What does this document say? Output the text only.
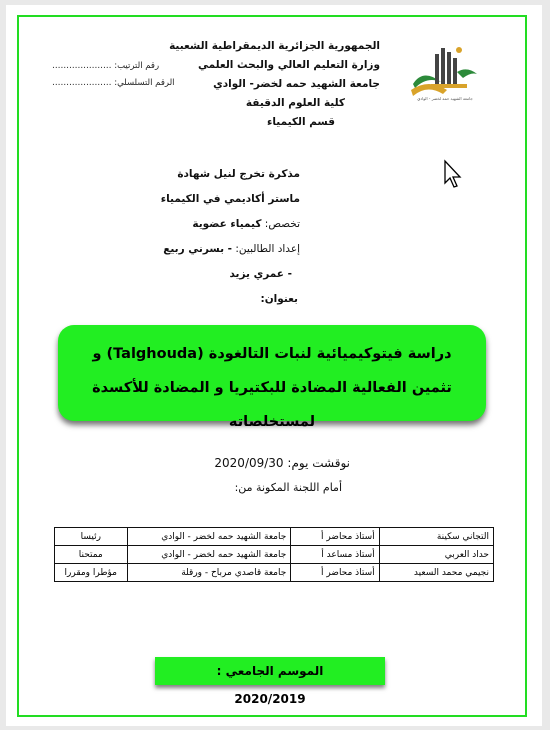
الجمهورية الجزائرية الديمقراطية الشعبية
وزارة التعليم العالي والبحث العلمي
جامعة الشهيد حمه لخضر- الوادي
كلية العلوم الدقيقة
قسم الكيمياء
رقم الترتيب: …………………
الرقم التسلسلي: …………………
جامعة الشهيد حمه لخضر - الوادي
مذكرة تخرج لنيل شهادة
ماستر أكاديمي في الكيمياء
تخصص: كيمياء عضوية
إعداد الطالبين: - بسرني ربيع
- عمري يزيد
بعنوان:
دراسة فيتوكيميائية لنبات التالغودة (Talghouda) و تثمين الفعالية المضادة للبكتيريا و المضادة للأكسدة لمستخلصاته
نوقشت يوم: 2020/09/30
أمام اللجنة المكونة من:
التجاني سكينة	أستاذ محاضر أ	جامعة الشهيد حمه لخضر - الوادي	رئيسا
حداد العربي	أستاذ مساعد أ	جامعة الشهيد حمه لخضر - الوادي	ممتحنا
نجيمي محمد السعيد	أستاذ محاضر أ	جامعة قاصدي مرباح - ورقلة	مؤطرا ومقررا
الموسم الجامعي :
2020/2019
